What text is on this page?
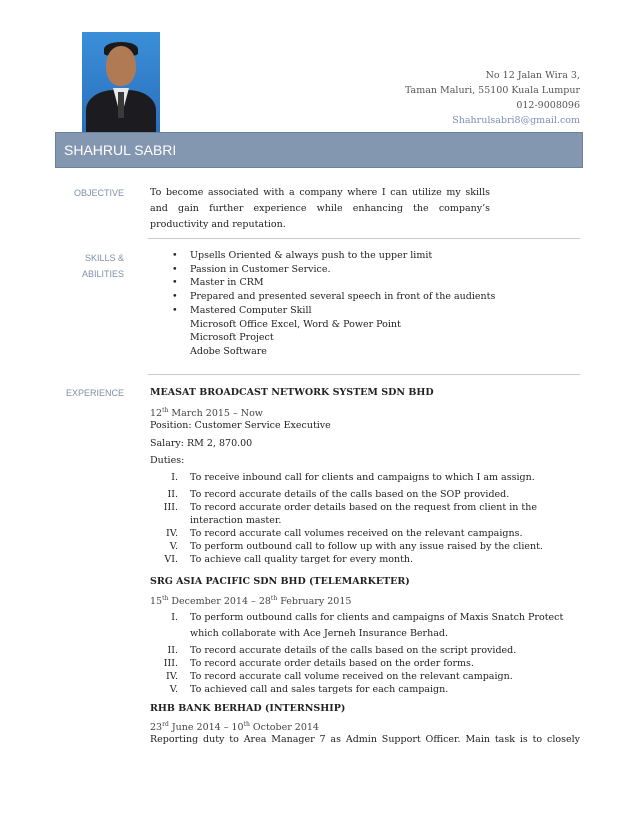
No 12 Jalan Wira 3,
Taman Maluri, 55100 Kuala Lumpur
012-9008096
Shahrulsabri8@gmail.com
SHAHRUL SABRI
OBJECTIVE	To become associated with a company where I can utilize my skills and gain further experience while enhancing the company’s productivity and reputation.
SKILLS &
ABILITIES
• Upsells Oriented & always push to the upper limit
• Passion in Customer Service.
• Master in CRM
• Prepared and presented several speech in front of the audients
• Mastered Computer Skill
Microsoft Office Excel, Word & Power Point
Microsoft Project
Adobe Software
EXPERIENCE	MEASAT BROADCAST NETWORK SYSTEM SDN BHD
12th March 2015 – Now
Position: Customer Service Executive
Salary: RM 2, 870.00
Duties:
I. To receive inbound call for clients and campaigns to which I am assign.
II. To record accurate details of the calls based on the SOP provided.
III. To record accurate order details based on the request from client in the interaction master.
IV. To record accurate call volumes received on the relevant campaigns.
V. To perform outbound call to follow up with any issue raised by the client.
VI. To achieve call quality target for every month.
SRG ASIA PACIFIC SDN BHD (TELEMARKETER)
15th December 2014 – 28th February 2015
I. To perform outbound calls for clients and campaigns of Maxis Snatch Protect which collaborate with Ace Jerneh Insurance Berhad.
II. To record accurate details of the calls based on the script provided.
III. To record accurate order details based on the order forms.
IV. To record accurate call volume received on the relevant campaign.
V. To achieved call and sales targets for each campaign.
RHB BANK BERHAD (INTERNSHIP)
23rd June 2014 – 10th October 2014
Reporting duty to Area Manager 7 as Admin Support Officer. Main task is to closely
